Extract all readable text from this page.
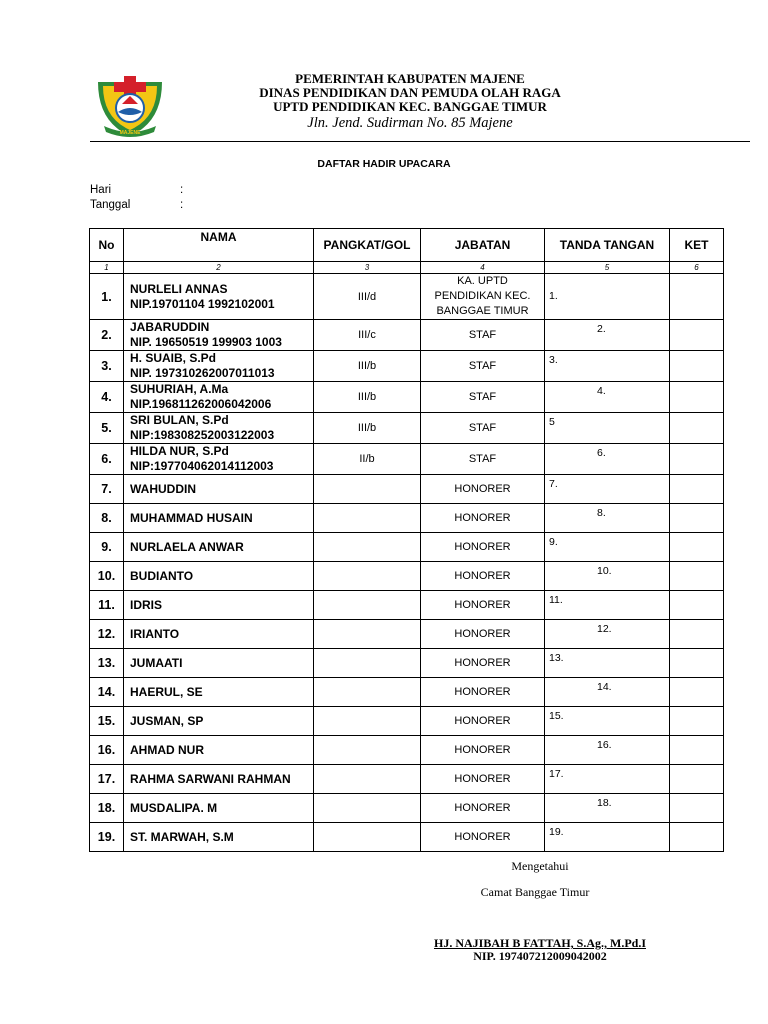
MAJENE
PEMERINTAH KABUPATEN MAJENE
DINAS PENDIDIKAN DAN PEMUDA OLAH RAGA
UPTD PENDIDIKAN KEC. BANGGAE TIMUR
Jln. Jend. Sudirman No. 85 Majene
DAFTAR HADIR UPACARA
Hari	:
Tanggal	:
No	NAMA	PANGKAT/GOL	JABATAN	TANDA TANGAN	KET
1	2	3	4	5	6
1.	NURLELI ANNAS
NIP.19701104 1992102001	III/d	KA. UPTD PENDIDIKAN KEC. BANGGAE TIMUR	1.	

2.	JABARUDDIN
NIP. 19650519 199903 1003	III/c	STAF	2.	

3.	H. SUAIB, S.Pd
NIP. 197310262007011013	III/b	STAF	3.	

4.	SUHURIAH, A.Ma
NIP.196811262006042006	III/b	STAF	4.	

5.	SRI BULAN, S.Pd
NIP:198308252003122003	III/b	STAF	5	

6.	HILDA NUR, S.Pd
NIP:197704062014112003	II/b	STAF	6.	

7.	WAHUDDIN		HONORER	7.	

8.	MUHAMMAD HUSAIN		HONORER	8.	

9.	NURLAELA ANWAR		HONORER	9.	

10.	BUDIANTO		HONORER	10.	

11.	IDRIS		HONORER	11.	

12.	IRIANTO		HONORER	12.	

13.	JUMAATI		HONORER	13.	

14.	HAERUL, SE		HONORER	14.	

15.	JUSMAN, SP		HONORER	15.	

16.	AHMAD NUR		HONORER	16.	

17.	RAHMA SARWANI RAHMAN		HONORER	17.	

18.	MUSDALIPA. M		HONORER	18.	

19.	ST. MARWAH, S.M		HONORER	19.	

Mengetahui
Camat Banggae Timur
HJ. NAJIBAH B FATTAH, S.Ag., M.Pd.I
NIP. 197407212009042002
